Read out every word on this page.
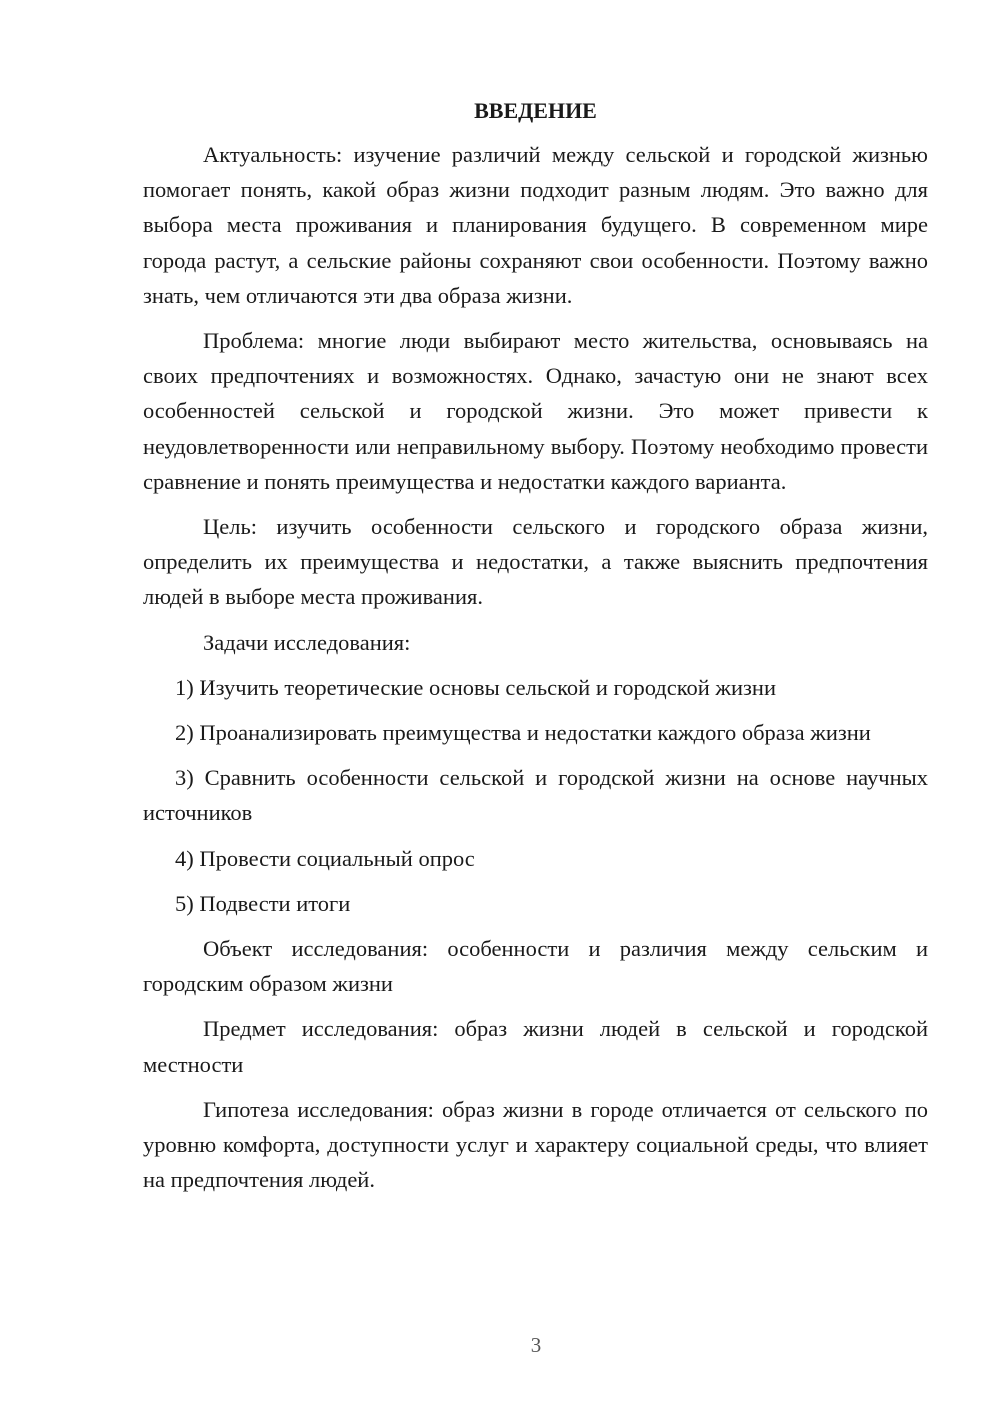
ВВЕДЕНИЕ

Актуальность: изучение различий между сельской и городской жизнью помогает понять, какой образ жизни подходит разным людям. Это важно для выбора места проживания и планирования будущего. В современном мире города растут, а сельские районы сохраняют свои особенности. Поэтому важно знать, чем отличаются эти два образа жизни.

Проблема: многие люди выбирают место жительства, основываясь на своих предпочтениях и возможностях. Однако, зачастую они не знают всех особенностей сельской и городской жизни. Это может привести к неудовлетворенности или неправильному выбору. Поэтому необходимо провести сравнение и понять преимущества и недостатки каждого варианта.

Цель: изучить особенности сельского и городского образа жизни, определить их преимущества и недостатки, а также выяснить предпочтения людей в выборе места проживания.

Задачи исследования:

1) Изучить теоретические основы сельской и городской жизни

2) Проанализировать преимущества и недостатки каждого образа жизни

3) Сравнить особенности сельской и городской жизни на основе научных источников

4) Провести социальный опрос

5) Подвести итоги

Объект исследования: особенности и различия между сельским и городским образом жизни

Предмет исследования: образ жизни людей в сельской и городской местности

Гипотеза исследования: образ жизни в городе отличается от сельского по уровню комфорта, доступности услуг и характеру социальной среды, что влияет на предпочтения людей.

3
